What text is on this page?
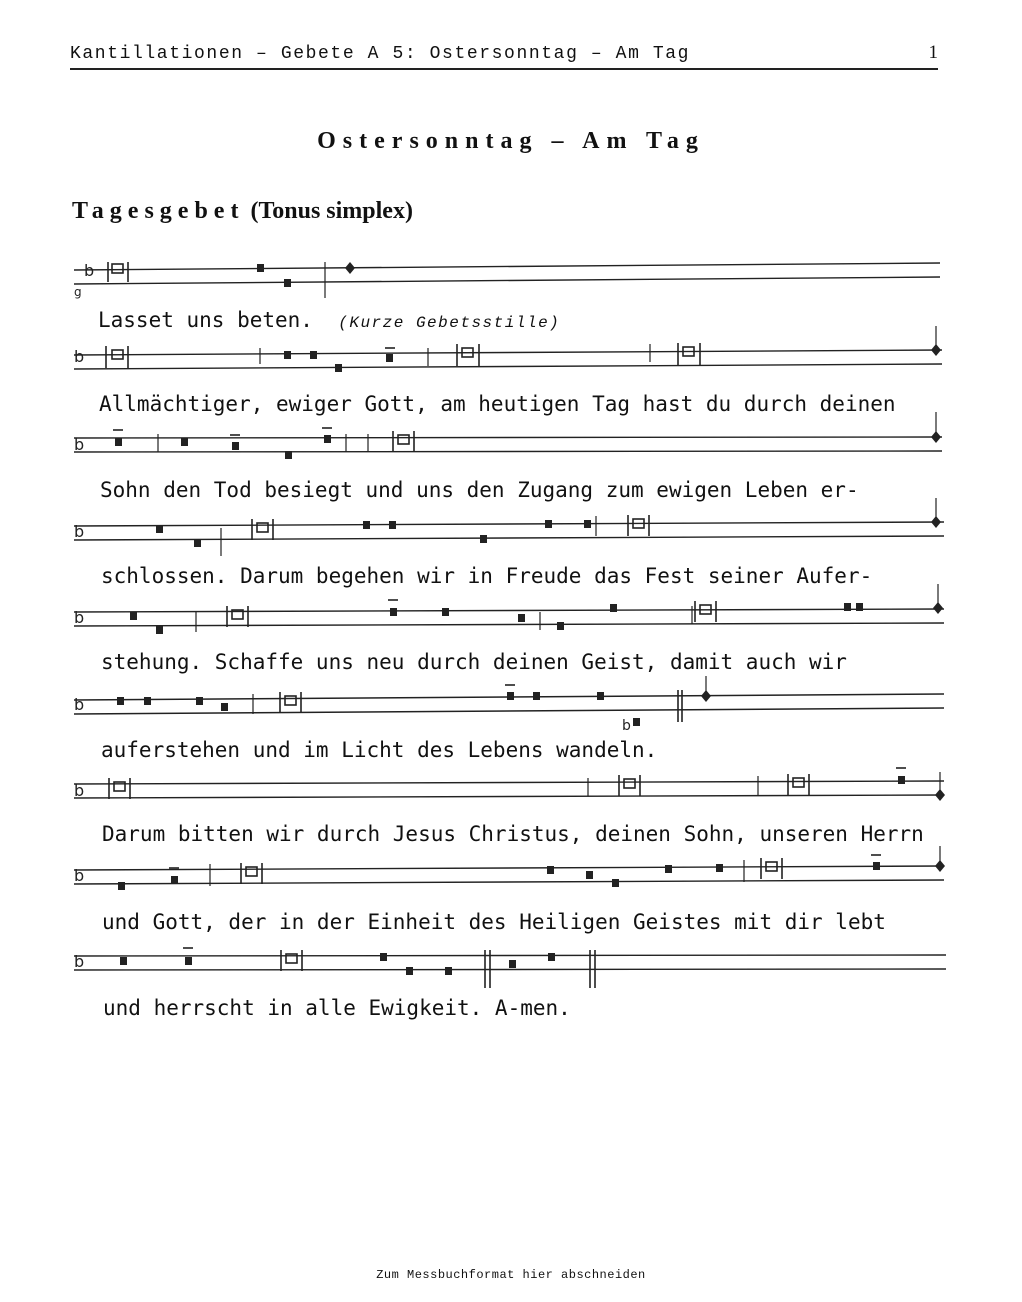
Kantillationen – Gebete A 5: Ostersonntag – Am Tag	1
Ostersonntag – Am Tag
Tagesgebet (Tonus simplex)
b
g
b
b
b
b
b
b
b
b
b
Lasset uns beten. (Kurze Gebetsstille)
Allmächtiger, ewiger Gott, am heutigen Tag hast du durch deinen
Sohn den Tod besiegt und uns den Zugang zum ewigen Leben er-
schlossen. Darum begehen wir in Freude das Fest seiner Aufer-
stehung. Schaffe uns neu durch deinen Geist, damit auch wir
auferstehen und im Licht des Lebens wandeln.
Darum bitten wir durch Jesus Christus, deinen Sohn, unseren Herrn
und Gott, der in der Einheit des Heiligen Geistes mit dir lebt
und herrscht in alle Ewigkeit. A-men.
Zum Messbuchformat hier abschneiden
